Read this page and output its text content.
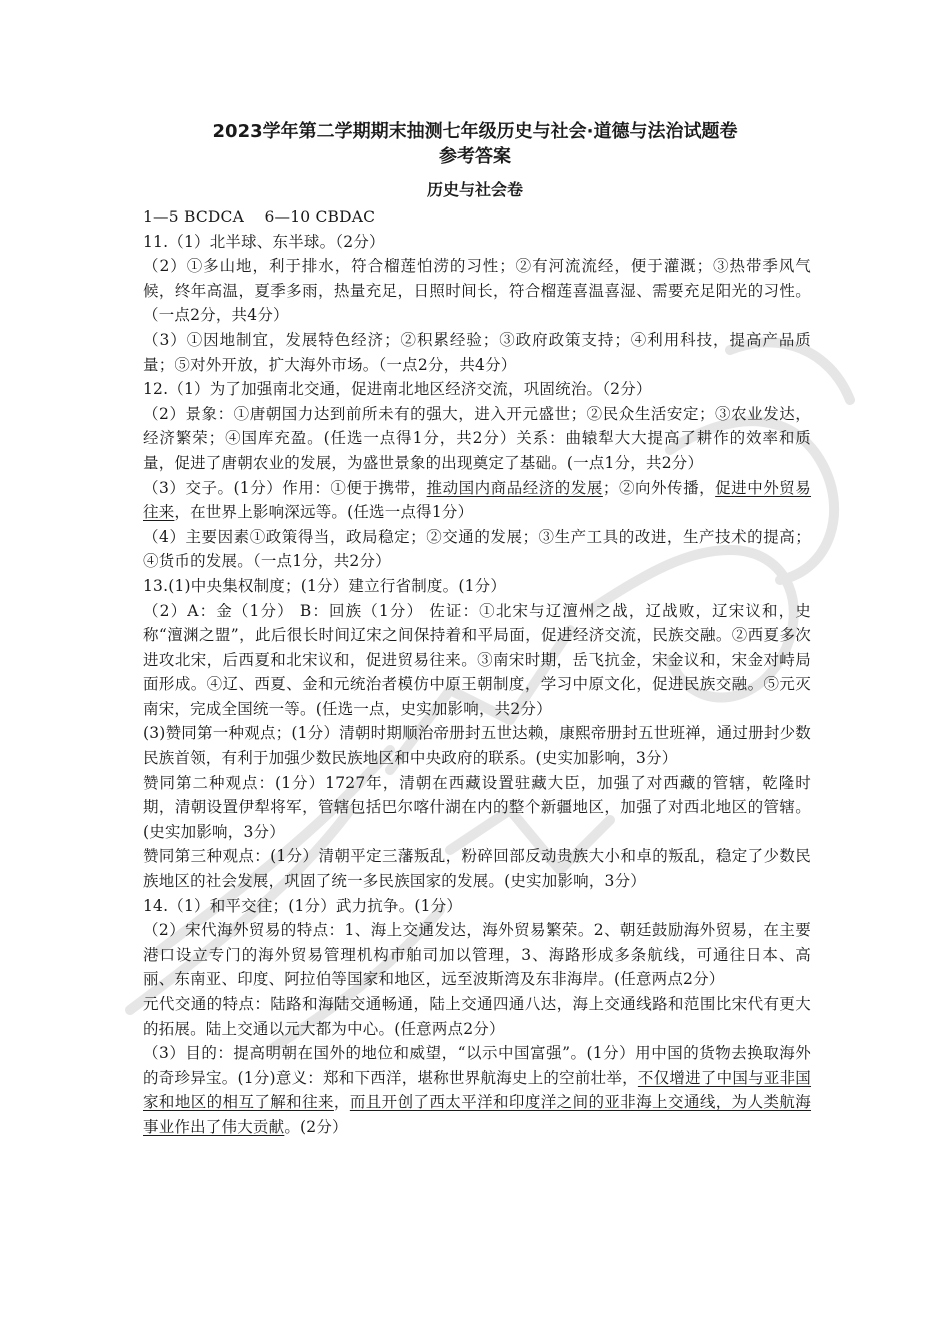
2023学年第二学期期末抽测七年级历史与社会·道德与法治试题卷
参考答案
历史与社会卷
1—5 BCDCA    6—10 CBDAC
11.（1）北半球、东半球。（2分）
（2）①多山地，利于排水，符合榴莲怕涝的习性；②有河流流经，便于灌溉；③热带季风气候，终年高温，夏季多雨，热量充足，日照时间长，符合榴莲喜温喜湿、需要充足阳光的习性。（一点2分，共4分）
（3）①因地制宜，发展特色经济；②积累经验；③政府政策支持；④利用科技，提高产品质量；⑤对外开放，扩大海外市场。（一点2分，共4分）
12.（1）为了加强南北交通，促进南北地区经济交流，巩固统治。（2分）
（2）景象：①唐朝国力达到前所未有的强大，进入开元盛世；②民众生活安定；③农业发达，经济繁荣；④国库充盈。(任选一点得1分，共2分）关系：曲辕犁大大提高了耕作的效率和质量，促进了唐朝农业的发展，为盛世景象的出现奠定了基础。(一点1分，共2分）
（3）交子。(1分）作用：①便于携带，推动国内商品经济的发展；②向外传播，促进中外贸易往来，在世界上影响深远等。(任选一点得1分）
（4）主要因素①政策得当，政局稳定；②交通的发展；③生产工具的改进，生产技术的提高；④货币的发展。（一点1分，共2分）
13.(1)中央集权制度；(1分）建立行省制度。(1分）
（2）A：金（1分） B：回族（1分） 佐证：①北宋与辽澶州之战，辽战败，辽宋议和，史称“澶渊之盟”，此后很长时间辽宋之间保持着和平局面，促进经济交流，民族交融。②西夏多次进攻北宋，后西夏和北宋议和，促进贸易往来。③南宋时期，岳飞抗金，宋金议和，宋金对峙局面形成。④辽、西夏、金和元统治者模仿中原王朝制度，学习中原文化，促进民族交融。⑤元灭南宋，完成全国统一等。(任选一点，史实加影响，共2分）
(3)赞同第一种观点；(1分）清朝时期顺治帝册封五世达赖，康熙帝册封五世班禅，通过册封少数民族首领，有利于加强少数民族地区和中央政府的联系。(史实加影响，3分）
赞同第二种观点：(1分）1727年，清朝在西藏设置驻藏大臣，加强了对西藏的管辖，乾隆时期，清朝设置伊犁将军，管辖包括巴尔喀什湖在内的整个新疆地区，加强了对西北地区的管辖。(史实加影响，3分）
赞同第三种观点：(1分）清朝平定三藩叛乱，粉碎回部反动贵族大小和卓的叛乱，稳定了少数民族地区的社会发展，巩固了统一多民族国家的发展。(史实加影响，3分）
14.（1）和平交往；(1分）武力抗争。(1分）
（2）宋代海外贸易的特点：1、海上交通发达，海外贸易繁荣。2、朝廷鼓励海外贸易，在主要港口设立专门的海外贸易管理机构市舶司加以管理，3、海路形成多条航线，可通往日本、高丽、东南亚、印度、阿拉伯等国家和地区，远至波斯湾及东非海岸。(任意两点2分）
元代交通的特点：陆路和海陆交通畅通，陆上交通四通八达，海上交通线路和范围比宋代有更大的拓展。陆上交通以元大都为中心。(任意两点2分）
（3）目的：提高明朝在国外的地位和威望，“以示中国富强”。(1分）用中国的货物去换取海外的奇珍异宝。(1分)意义：郑和下西洋，堪称世界航海史上的空前壮举，不仅增进了中国与亚非国家和地区的相互了解和往来，而且开创了西太平洋和印度洋之间的亚非海上交通线，为人类航海事业作出了伟大贡献。(2分）
